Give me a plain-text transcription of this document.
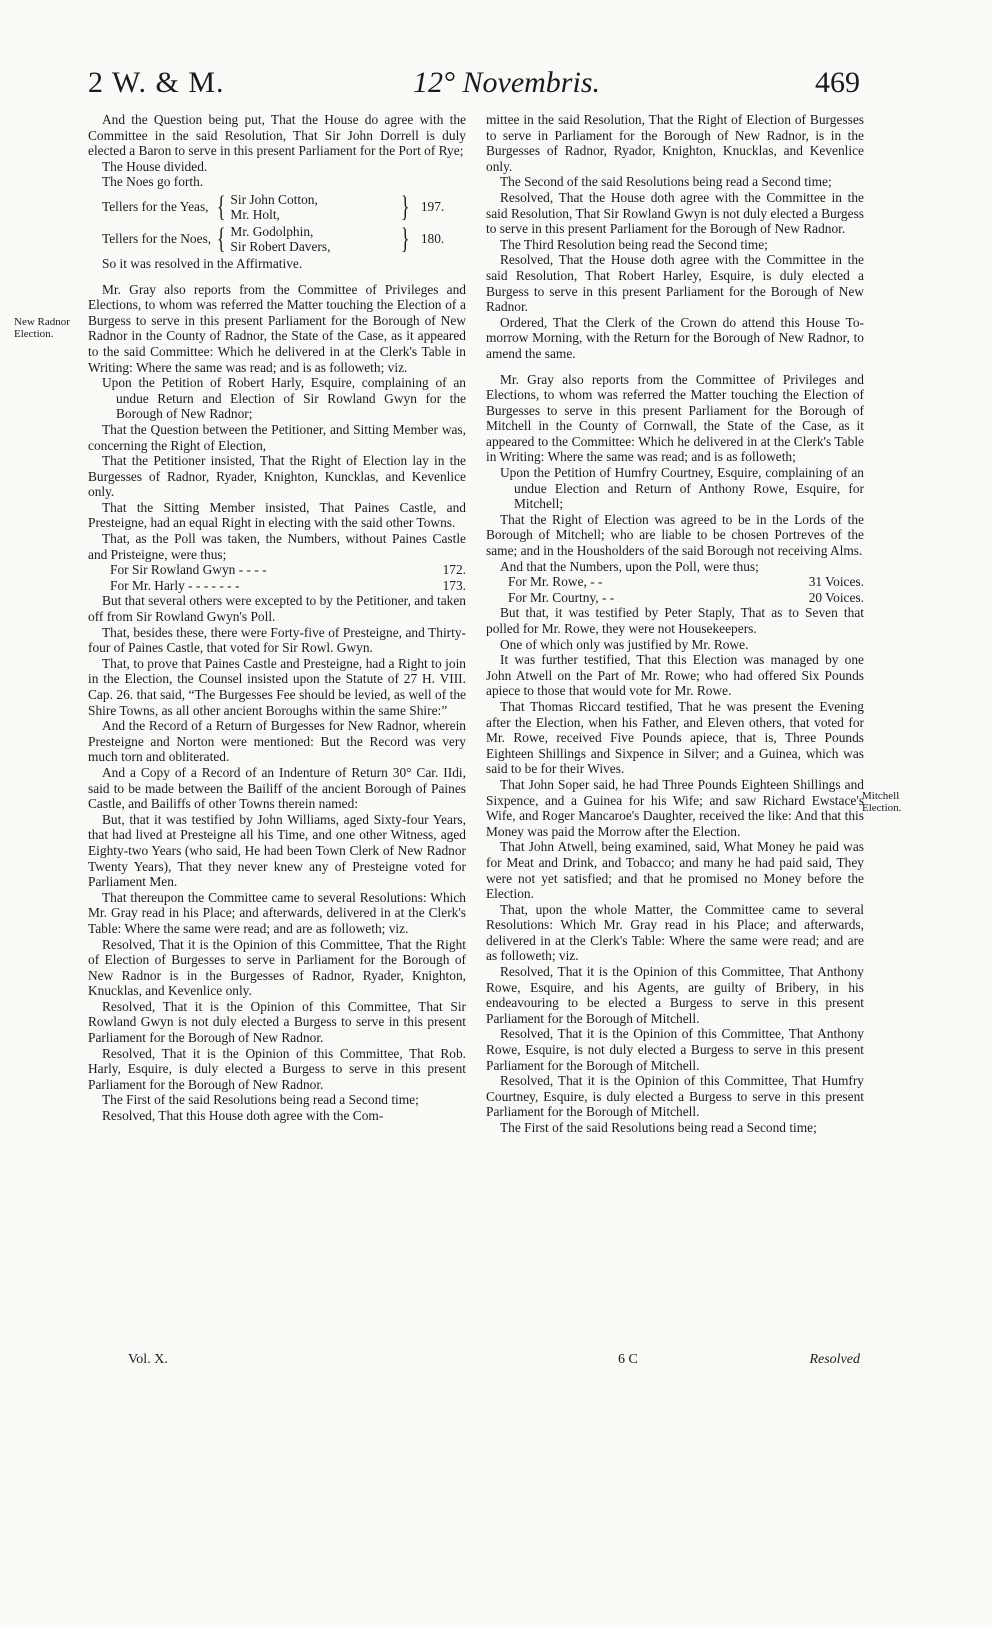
2 W. & M.	12° Novembris.	469
New Radnor Election.
Mitchell Election.

And the Question being put, That the House do agree with the Committee in the said Resolution, That Sir John Dorrell is duly elected a Baron to serve in this present Parliament for the Port of Rye;

The House divided.

The Noes go forth.

Tellers for the Yeas, { Sir John Cotton,
Mr. Holt,	} 197.
Tellers for the Noes, { Mr. Godolphin,
Sir Robert Davers,	} 180.

So it was resolved in the Affirmative.

Mr. Gray also reports from the Committee of Privileges and Elections, to whom was referred the Matter touching the Election of a Burgess to serve in this present Parliament for the Borough of New Radnor in the County of Radnor, the State of the Case, as it appeared to the said Committee: Which he delivered in at the Clerk's Table in Writing: Where the same was read; and is as followeth; viz.

Upon the Petition of Robert Harly, Esquire, complaining of an undue Return and Election of Sir Rowland Gwyn for the Borough of New Radnor;

That the Question between the Petitioner, and Sitting Member was, concerning the Right of Election,

That the Petitioner insisted, That the Right of Election lay in the Burgesses of Radnor, Ryader, Knighton, Kuncklas, and Kevenlice only.

That the Sitting Member insisted, That Paines Castle, and Presteigne, had an equal Right in electing with the said other Towns.

That, as the Poll was taken, the Numbers, without Paines Castle and Pristeigne, were thus;

For Sir Rowland Gwyn - - - -	172.

For Mr. Harly - - - - - - -	173.

But that several others were excepted to by the Petitioner, and taken off from Sir Rowland Gwyn's Poll.

That, besides these, there were Forty-five of Presteigne, and Thirty-four of Paines Castle, that voted for Sir Rowl. Gwyn.

That, to prove that Paines Castle and Presteigne, had a Right to join in the Election, the Counsel insisted upon the Statute of 27 H. VIII. Cap. 26. that said, “The Burgesses Fee should be levied, as well of the Shire Towns, as all other ancient Boroughs within the same Shire:”

And the Record of a Return of Burgesses for New Radnor, wherein Presteigne and Norton were mentioned: But the Record was very much torn and obliterated.

And a Copy of a Record of an Indenture of Return 30° Car. IIdi, said to be made between the Bailiff of the ancient Borough of Paines Castle, and Bailiffs of other Towns therein named:

But, that it was testified by John Williams, aged Sixty-four Years, that had lived at Presteigne all his Time, and one other Witness, aged Eighty-two Years (who said, He had been Town Clerk of New Radnor Twenty Years), That they never knew any of Presteigne voted for Parliament Men.

That thereupon the Committee came to several Resolutions: Which Mr. Gray read in his Place; and afterwards, delivered in at the Clerk's Table: Where the same were read; and are as followeth; viz.

Resolved, That it is the Opinion of this Committee, That the Right of Election of Burgesses to serve in Parliament for the Borough of New Radnor is in the Burgesses of Radnor, Ryader, Knighton, Knucklas, and Kevenlice only.

Resolved, That it is the Opinion of this Committee, That Sir Rowland Gwyn is not duly elected a Burgess to serve in this present Parliament for the Borough of New Radnor.

Resolved, That it is the Opinion of this Committee, That Rob. Harly, Esquire, is duly elected a Burgess to serve in this present Parliament for the Borough of New Radnor.

The First of the said Resolutions being read a Second time;

Resolved, That this House doth agree with the Com-

mittee in the said Resolution, That the Right of Election of Burgesses to serve in Parliament for the Borough of New Radnor, is in the Burgesses of Radnor, Ryador, Knighton, Knucklas, and Kevenlice only.

The Second of the said Resolutions being read a Second time;

Resolved, That the House doth agree with the Committee in the said Resolution, That Sir Rowland Gwyn is not duly elected a Burgess to serve in this present Parliament for the Borough of New Radnor.

The Third Resolution being read the Second time;

Resolved, That the House doth agree with the Committee in the said Resolution, That Robert Harley, Esquire, is duly elected a Burgess to serve in this present Parliament for the Borough of New Radnor.

Ordered, That the Clerk of the Crown do attend this House To-morrow Morning, with the Return for the Borough of New Radnor, to amend the same.

Mr. Gray also reports from the Committee of Privileges and Elections, to whom was referred the Matter touching the Election of Burgesses to serve in this present Parliament for the Borough of Mitchell in the County of Cornwall, the State of the Case, as it appeared to the Committee: Which he delivered in at the Clerk's Table in Writing: Where the same was read; and is as followeth;

Upon the Petition of Humfry Courtney, Esquire, complaining of an undue Election and Return of Anthony Rowe, Esquire, for Mitchell;

That the Right of Election was agreed to be in the Lords of the Borough of Mitchell; who are liable to be chosen Portreves of the same; and in the Housholders of the said Borough not receiving Alms.

And that the Numbers, upon the Poll, were thus;

For Mr. Rowe, - -	31 Voices.

For Mr. Courtny, - -	20 Voices.

But that, it was testified by Peter Staply, That as to Seven that polled for Mr. Rowe, they were not Housekeepers.

One of which only was justified by Mr. Rowe.

It was further testified, That this Election was managed by one John Atwell on the Part of Mr. Rowe; who had offered Six Pounds apiece to those that would vote for Mr. Rowe.

That Thomas Riccard testified, That he was present the Evening after the Election, when his Father, and Eleven others, that voted for Mr. Rowe, received Five Pounds apiece, that is, Three Pounds Eighteen Shillings and Sixpence in Silver; and a Guinea, which was said to be for their Wives.

That John Soper said, he had Three Pounds Eighteen Shillings and Sixpence, and a Guinea for his Wife; and saw Richard Ewstace's Wife, and Roger Mancaroe's Daughter, received the like: And that this Money was paid the Morrow after the Election.

That John Atwell, being examined, said, What Money he paid was for Meat and Drink, and Tobacco; and many he had paid said, They were not yet satisfied; and that he promised no Money before the Election.

That, upon the whole Matter, the Committee came to several Resolutions: Which Mr. Gray read in his Place; and afterwards, delivered in at the Clerk's Table: Where the same were read; and are as followeth; viz.

Resolved, That it is the Opinion of this Committee, That Anthony Rowe, Esquire, and his Agents, are guilty of Bribery, in his endeavouring to be elected a Burgess to serve in this present Parliament for the Borough of Mitchell.

Resolved, That it is the Opinion of this Committee, That Anthony Rowe, Esquire, is not duly elected a Burgess to serve in this present Parliament for the Borough of Mitchell.

Resolved, That it is the Opinion of this Committee, That Humfry Courtney, Esquire, is duly elected a Burgess to serve in this present Parliament for the Borough of Mitchell.

The First of the said Resolutions being read a Second time;

Vol. X.	6 C	Resolved
